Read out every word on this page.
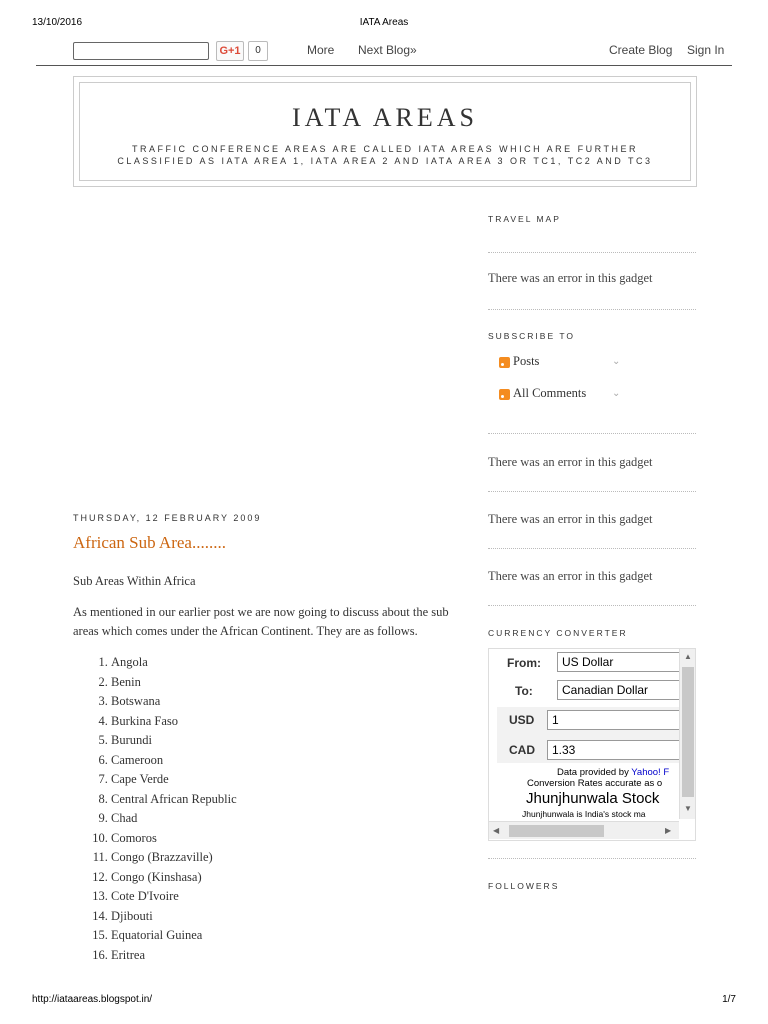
13/10/2016	IATA Areas
G+1	0	More Next Blog»	Create Blog Sign In
IATA AREAS
TRAFFIC CONFERENCE AREAS ARE CALLED IATA AREAS WHICH ARE FURTHER CLASSIFIED AS IATA AREA 1, IATA AREA 2 AND IATA AREA 3 OR TC1, TC2 AND TC3
THURSDAY, 12 FEBRUARY 2009
African Sub Area........

Sub Areas Within Africa

As mentioned in our earlier post we are now going to discuss about the sub areas which comes under the African Continent. They are as follows.

1. Angola
2. Benin
3. Botswana
4. Burkina Faso
5. Burundi
6. Cameroon
7. Cape Verde
8. Central African Republic
9. Chad
10. Comoros
11. Congo (Brazzaville)
12. Congo (Kinshasa)
13. Cote D'Ivoire
14. Djibouti
15. Equatorial Guinea
16. Eritrea
TRAVEL MAP
There was an error in this gadget
SUBSCRIBE TO
Posts	⌄
All Comments	⌄
There was an error in this gadget
There was an error in this gadget
There was an error in this gadget
CURRENCY CONVERTER
From:	US Dollar
To:	Canadian Dollar
USD	1
CAD	1.33
Data provided by Yahoo! F
Conversion Rates accurate as o
Jhunjhunwala Stock
Jhunjhunwala is India's stock ma
▲
▼
◀	▶
FOLLOWERS
http://iataareas.blogspot.in/	1/7
